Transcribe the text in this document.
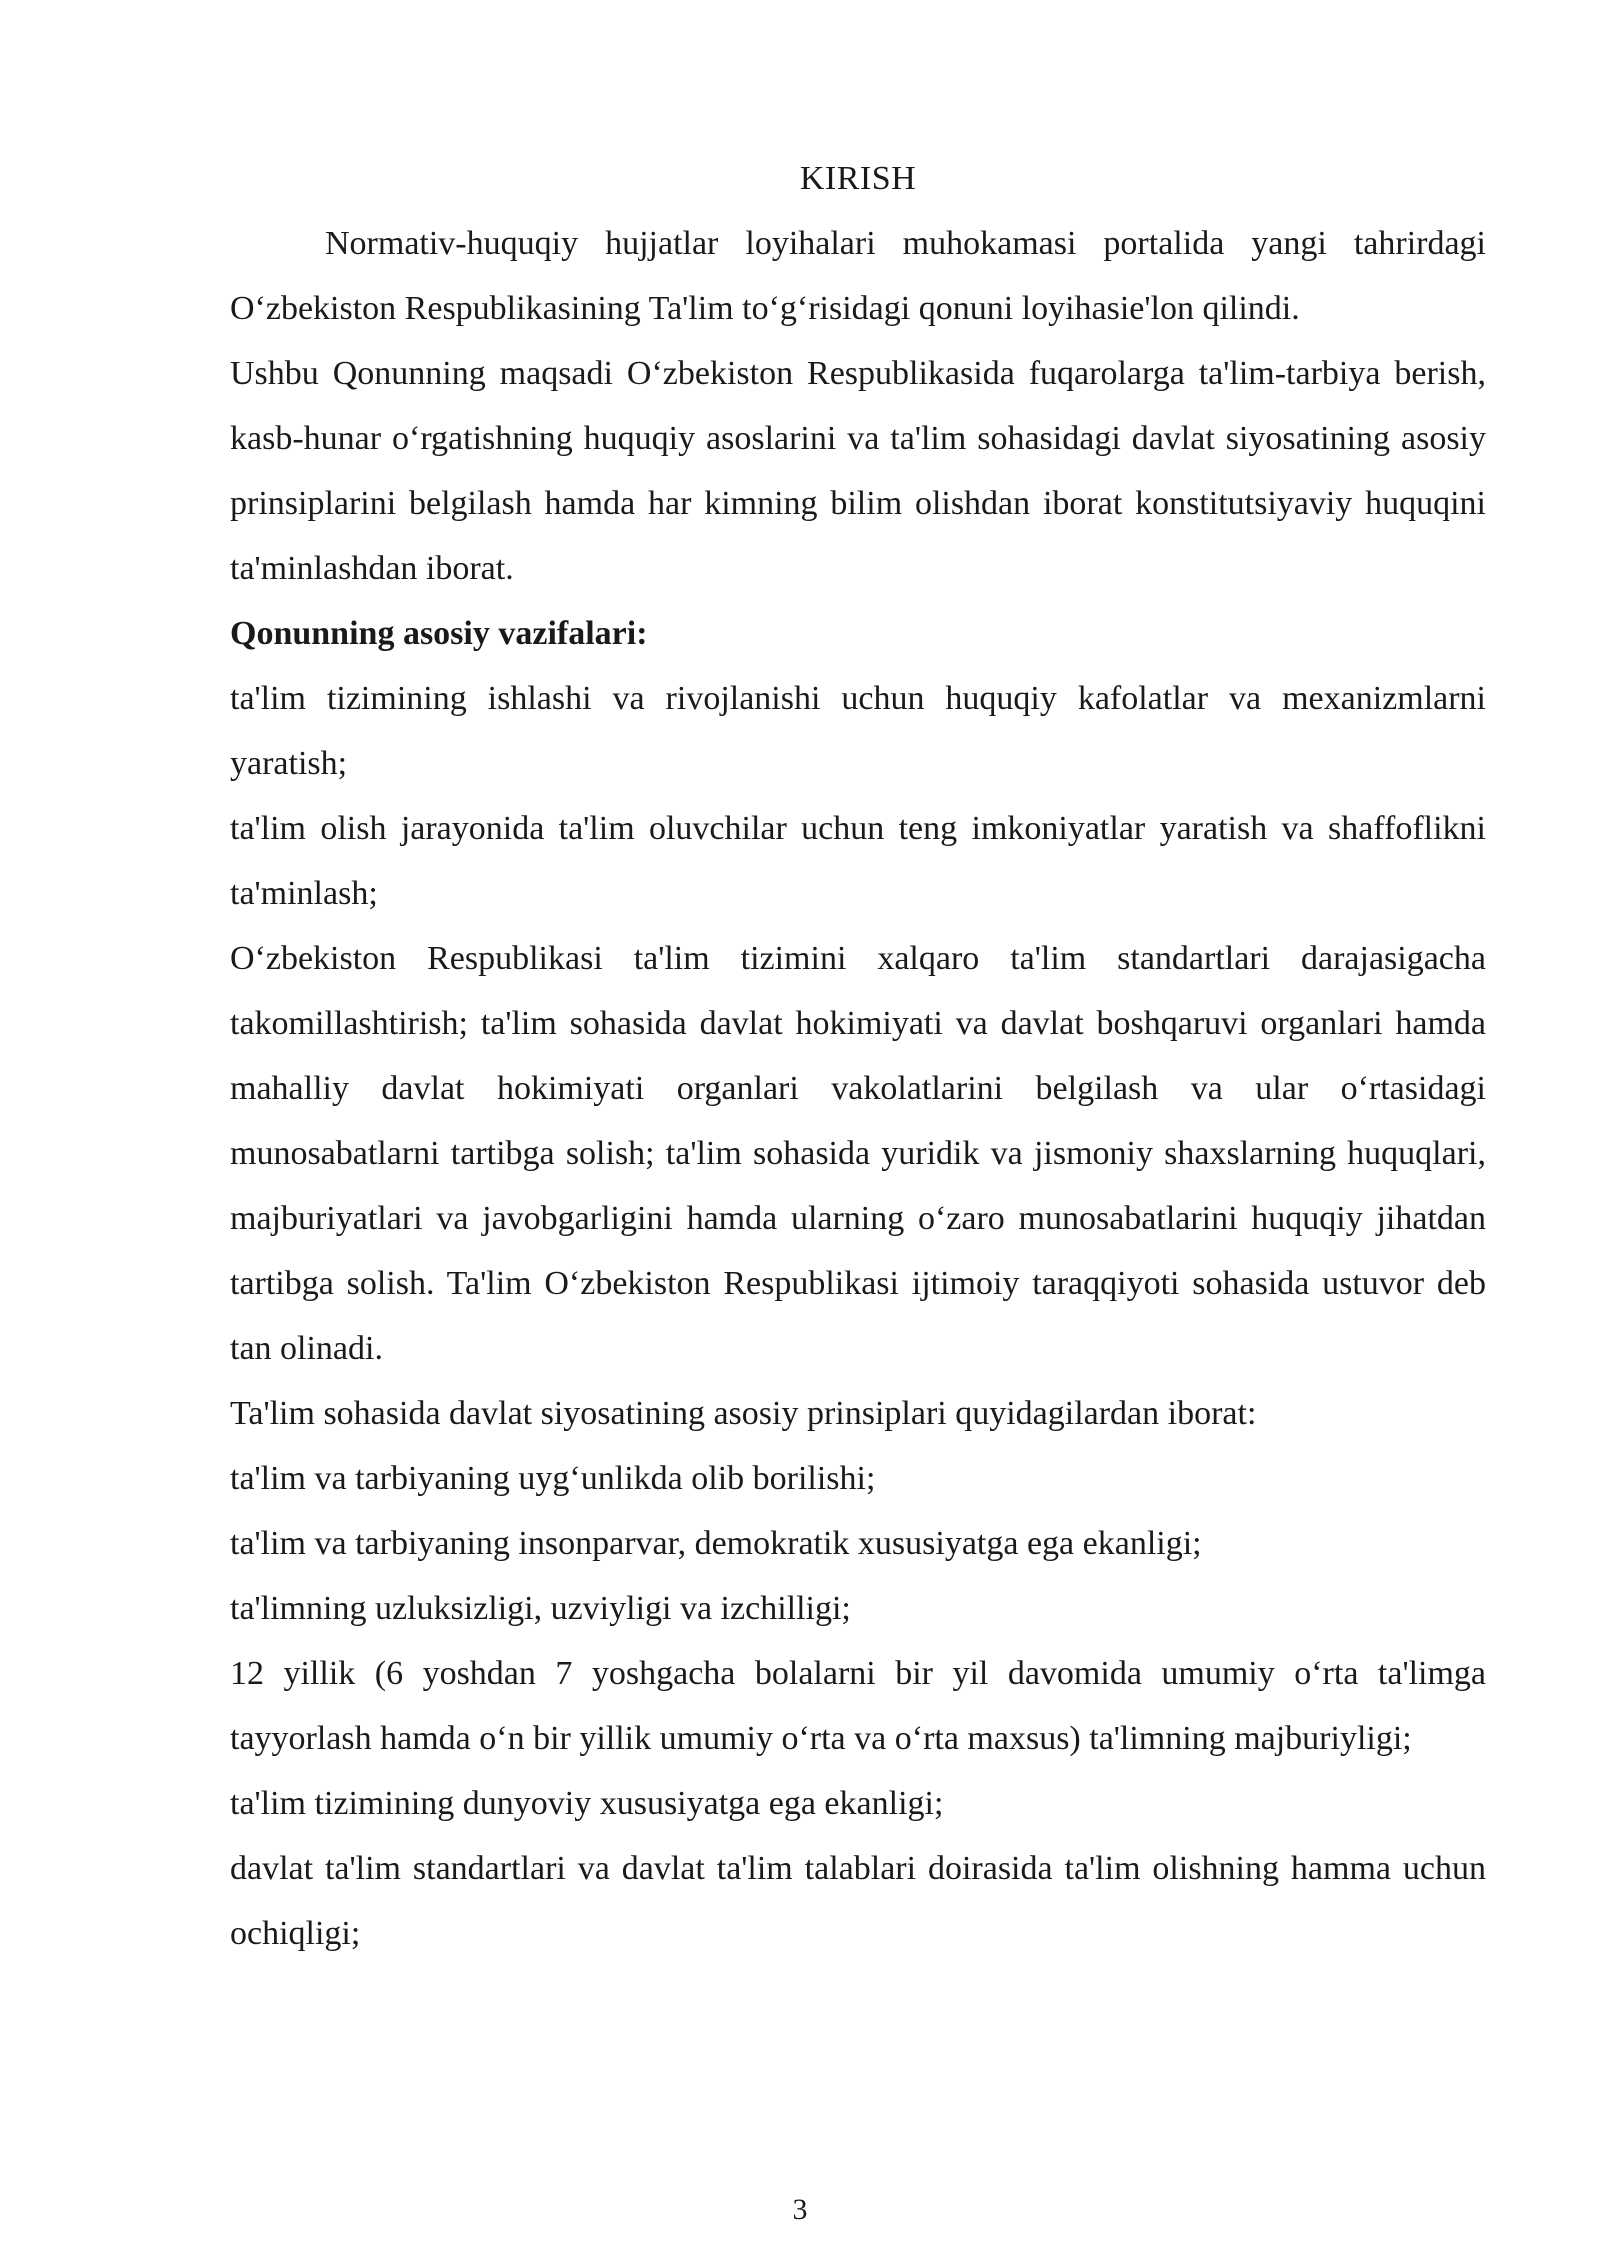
KIRISH

Normativ-huquqiy hujjatlar loyihalari muhokamasi portalida yangi tahrirdagi O‘zbekiston Respublikasining Ta'lim to‘g‘risidagi qonuni loyihasie'lon qilindi.

Ushbu Qonunning maqsadi O‘zbekiston Respublikasida fuqarolarga ta'lim-tarbiya berish, kasb-hunar o‘rgatishning huquqiy asoslarini va ta'lim sohasidagi davlat siyosatining asosiy prinsiplarini belgilash hamda har kimning bilim olishdan iborat konstitutsiyaviy huquqini ta'minlashdan iborat.

Qonunning asosiy vazifalari:

ta'lim tizimining ishlashi va rivojlanishi uchun huquqiy kafolatlar va mexanizmlarni yaratish;

ta'lim olish jarayonida ta'lim oluvchilar uchun teng imkoniyatlar yaratish va shaffoflikni ta'minlash;

O‘zbekiston Respublikasi ta'lim tizimini xalqaro ta'lim standartlari darajasigacha takomillashtirish; ta'lim sohasida davlat hokimiyati va davlat boshqaruvi organlari hamda mahalliy davlat hokimiyati organlari vakolatlarini belgilash va ular o‘rtasidagi munosabatlarni tartibga solish; ta'lim sohasida yuridik va jismoniy shaxslarning huquqlari, majburiyatlari va javobgarligini hamda ularning o‘zaro munosabatlarini huquqiy jihatdan tartibga solish. Ta'lim O‘zbekiston Respublikasi ijtimoiy taraqqiyoti sohasida ustuvor deb tan olinadi.

Ta'lim sohasida davlat siyosatining asosiy prinsiplari quyidagilardan iborat:

ta'lim va tarbiyaning uyg‘unlikda olib borilishi;

ta'lim va tarbiyaning insonparvar, demokratik xususiyatga ega ekanligi;

ta'limning uzluksizligi, uzviyligi va izchilligi;

12 yillik (6 yoshdan 7 yoshgacha bolalarni bir yil davomida umumiy o‘rta ta'limga tayyorlash hamda o‘n bir yillik umumiy o‘rta va o‘rta maxsus) ta'limning majburiyligi;

ta'lim tizimining dunyoviy xususiyatga ega ekanligi;

davlat ta'lim standartlari va davlat ta'lim talablari doirasida ta'lim olishning hamma uchun ochiqligi;

3
